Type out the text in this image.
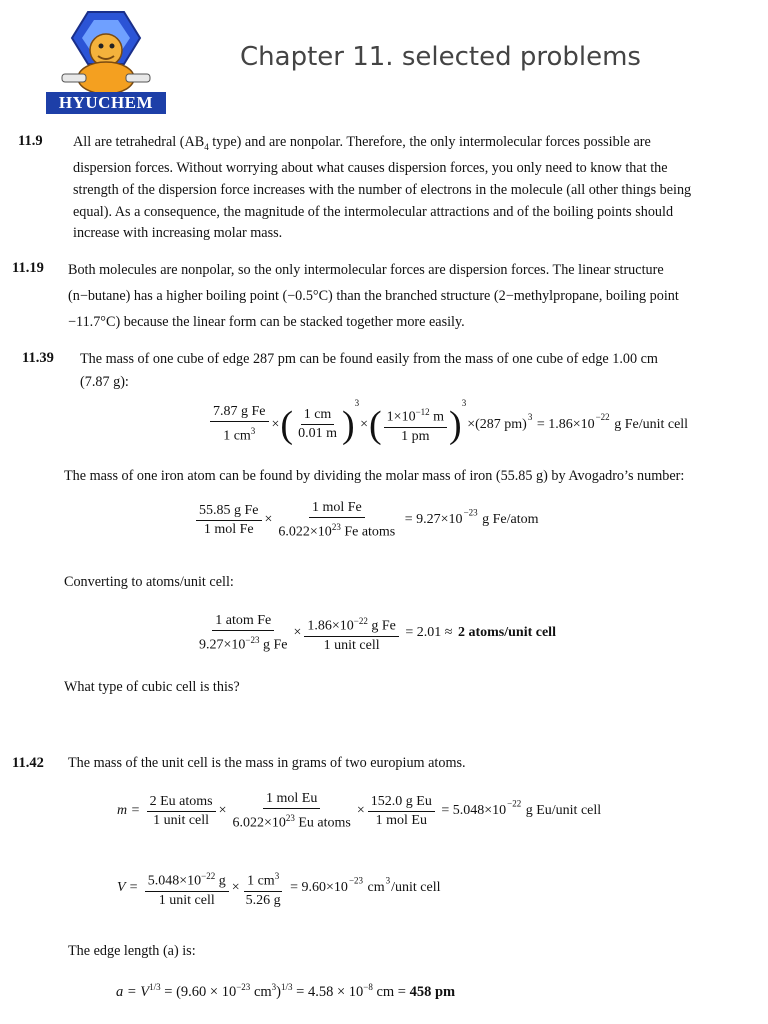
HYUCHEM
Chapter 11. selected problems
11.9 All are tetrahedral ($AB_4$ type) and are nonpolar. Therefore, the only intermolecular forces possible are
dispersion forces. Without worrying about what causes dispersion forces, you only need to know that the
strength of the dispersion force increases with the number of electrons in the molecule (all other things being
equal). As a consequence, the magnitude of the intermolecular attractions and of the boiling points should
increase with increasing molar mass.
11.19 Both molecules are nonpolar, so the only intermolecular forces are dispersion forces. The linear structure
(n−butane) has a higher boiling point (−0.5°C) than the branched structure (2−methylpropane, boiling point
−11.7°C) because the linear form can be stacked together more easily.
11.39 The mass of one cube of edge 287 pm can be found easily from the mass of one cube of edge 1.00 cm
(7.87 g):
$\frac{\text{7.87 g Fe}}{1 cm^3}$ ×( $\frac{1 cm}{0.01 m} )^3\times( \frac{1\times 10^{-12} m}{1 pm} )^3\times(287$ $pm)^3 = 1.86\times 10^{-22}$ g Fe/unit cell
The mass of one iron atom can be found by dividing the molar mass of iron (55.85 g) by Avogadro’s number:
$\frac{\text{55.85 g Fe}}{\text{1 mol Fe}} \times \frac{\text{1 mol Fe}}{6.022\times 10^{23} Fe atoms} = 9.27\times 10^{-23}$ g Fe/atom
Converting to atoms/unit cell:
$\frac{\text{1 atom Fe}}{9.27\times 10^{-23} g Fe} \times \frac{1.86\times 10^{-22} g Fe}{\text{1 unit cell}} = 2.01 \approx 2$ atoms/unit cell
What type of cubic cell is this?
11.42 The mass of the unit cell is the mass in grams of two europium atoms.
$m = \frac{\text{2 Eu atoms}}{\text{1 unit cell}} \times \frac{\text{1 mol Eu}}{6.022\times 10^{23} Eu atoms} \times \frac{\text{152.0 g Eu}}{\text{1 mol Eu}} = 5.048\times 10^{-22}$ g Eu/unit cell
$V = \frac{5.048\times 10^{-22} g}{\text{1 unit cell}} \times \frac{1 cm^3}{5.26 g} = 9.60\times 10^{-23}$ $cm^3$/unit cell
The edge length (a) is:
$a = V^{1/3} = (9.60 \times 10^{-23}$ $cm^3)^{1/3} = 4.58 \times 10^{-8}$ cm = 458 pm
